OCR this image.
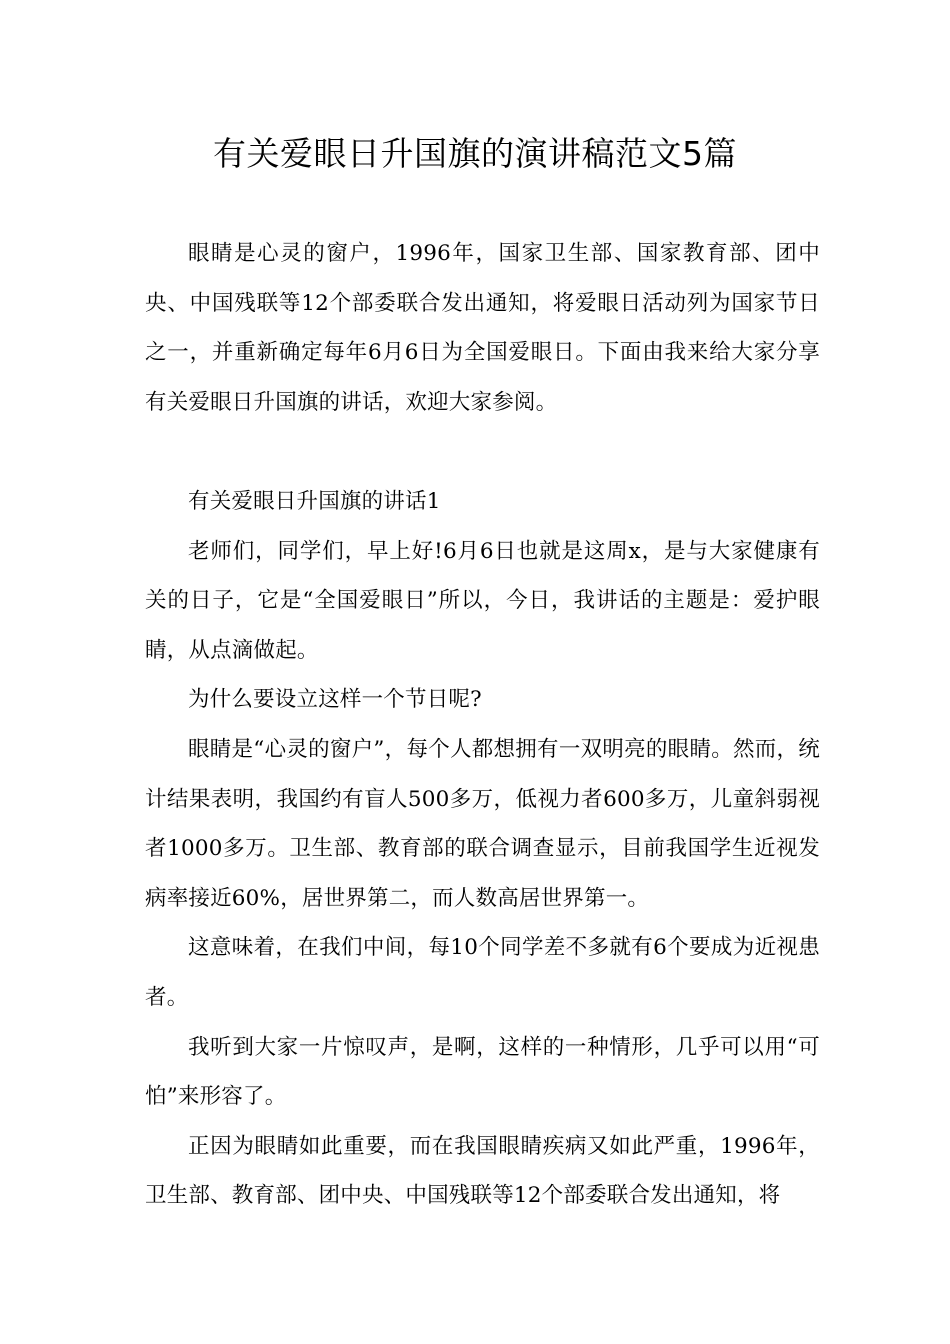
有关爱眼日升国旗的演讲稿范文5篇

眼睛是心灵的窗户，1996年，国家卫生部、国家教育部、团中央、中国残联等12个部委联合发出通知，将爱眼日活动列为国家节日之一，并重新确定每年6月6日为全国爱眼日。下面由我来给大家分享有关爱眼日升国旗的讲话，欢迎大家参阅。

有关爱眼日升国旗的讲话1

老师们，同学们，早上好!6月6日也就是这周x，是与大家健康有关的日子，它是“全国爱眼日”所以，今日，我讲话的主题是：爱护眼睛，从点滴做起。

为什么要设立这样一个节日呢?

眼睛是“心灵的窗户”，每个人都想拥有一双明亮的眼睛。然而，统计结果表明，我国约有盲人500多万，低视力者600多万，儿童斜弱视者1000多万。卫生部、教育部的联合调查显示，目前我国学生近视发病率接近60%，居世界第二，而人数高居世界第一。

这意味着，在我们中间，每10个同学差不多就有6个要成为近视患者。

我听到大家一片惊叹声，是啊，这样的一种情形，几乎可以用“可怕”来形容了。

正因为眼睛如此重要，而在我国眼睛疾病又如此严重，1996年，卫生部、教育部、团中央、中国残联等12个部委联合发出通知，将
